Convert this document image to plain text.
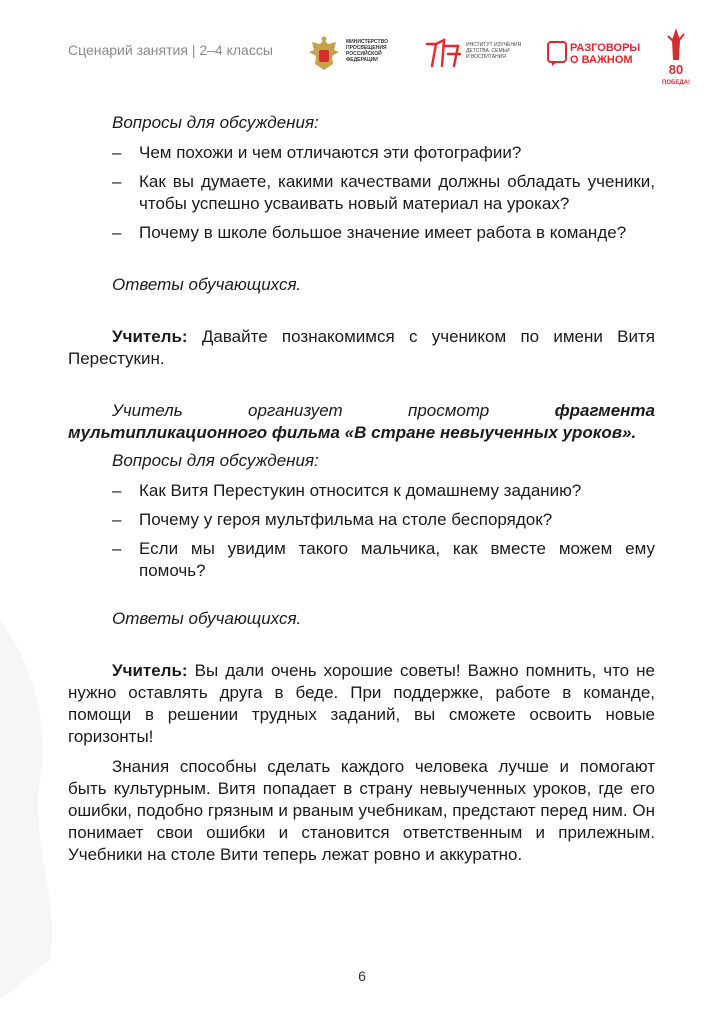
Сценарий занятия | 2–4 классы	МИНИСТЕРСТВО
ПРОСВЕЩЕНИЯ
РОССИЙСКОЙ
ФЕДЕРАЦИИ
ИНСТИТУТ ИЗУЧЕНИЯ
ДЕТСТВА, СЕМЬИ
И ВОСПИТАНИЯ
РАЗГОВОРЫ
О ВАЖНОМ
80
ПОБЕДА!

Вопросы для обсуждения:

– Чем похожи и чем отличаются эти фотографии?
– Как вы думаете, какими качествами должны обладать ученики, чтобы успешно усваивать новый материал на уроках?
– Почему в школе большое значение имеет работа в команде?

Ответы обучающихся.

Учитель: Давайте познакомимся с учеником по имени Витя Перестукин.

Учитель организует просмотр	фрагмента мультипликационного фильма «В стране невыученных уроков».

Вопросы для обсуждения:

– Как Витя Перестукин относится к домашнему заданию?
– Почему у героя мультфильма на столе беспорядок?
– Если мы увидим такого мальчика, как вместе можем ему помочь?

Ответы обучающихся.

Учитель: Вы дали очень хорошие советы! Важно помнить, что не нужно оставлять друга в беде. При поддержке, работе в команде, помощи в решении трудных заданий, вы сможете освоить новые горизонты!

Знания способны сделать каждого человека лучше и помогают быть культурным. Витя попадает в страну невыученных уроков, где его ошибки, подобно грязным и рваным учебникам, предстают перед ним. Он понимает свои ошибки и становится ответственным и прилежным. Учебники на столе Вити теперь лежат ровно и аккуратно.

6
